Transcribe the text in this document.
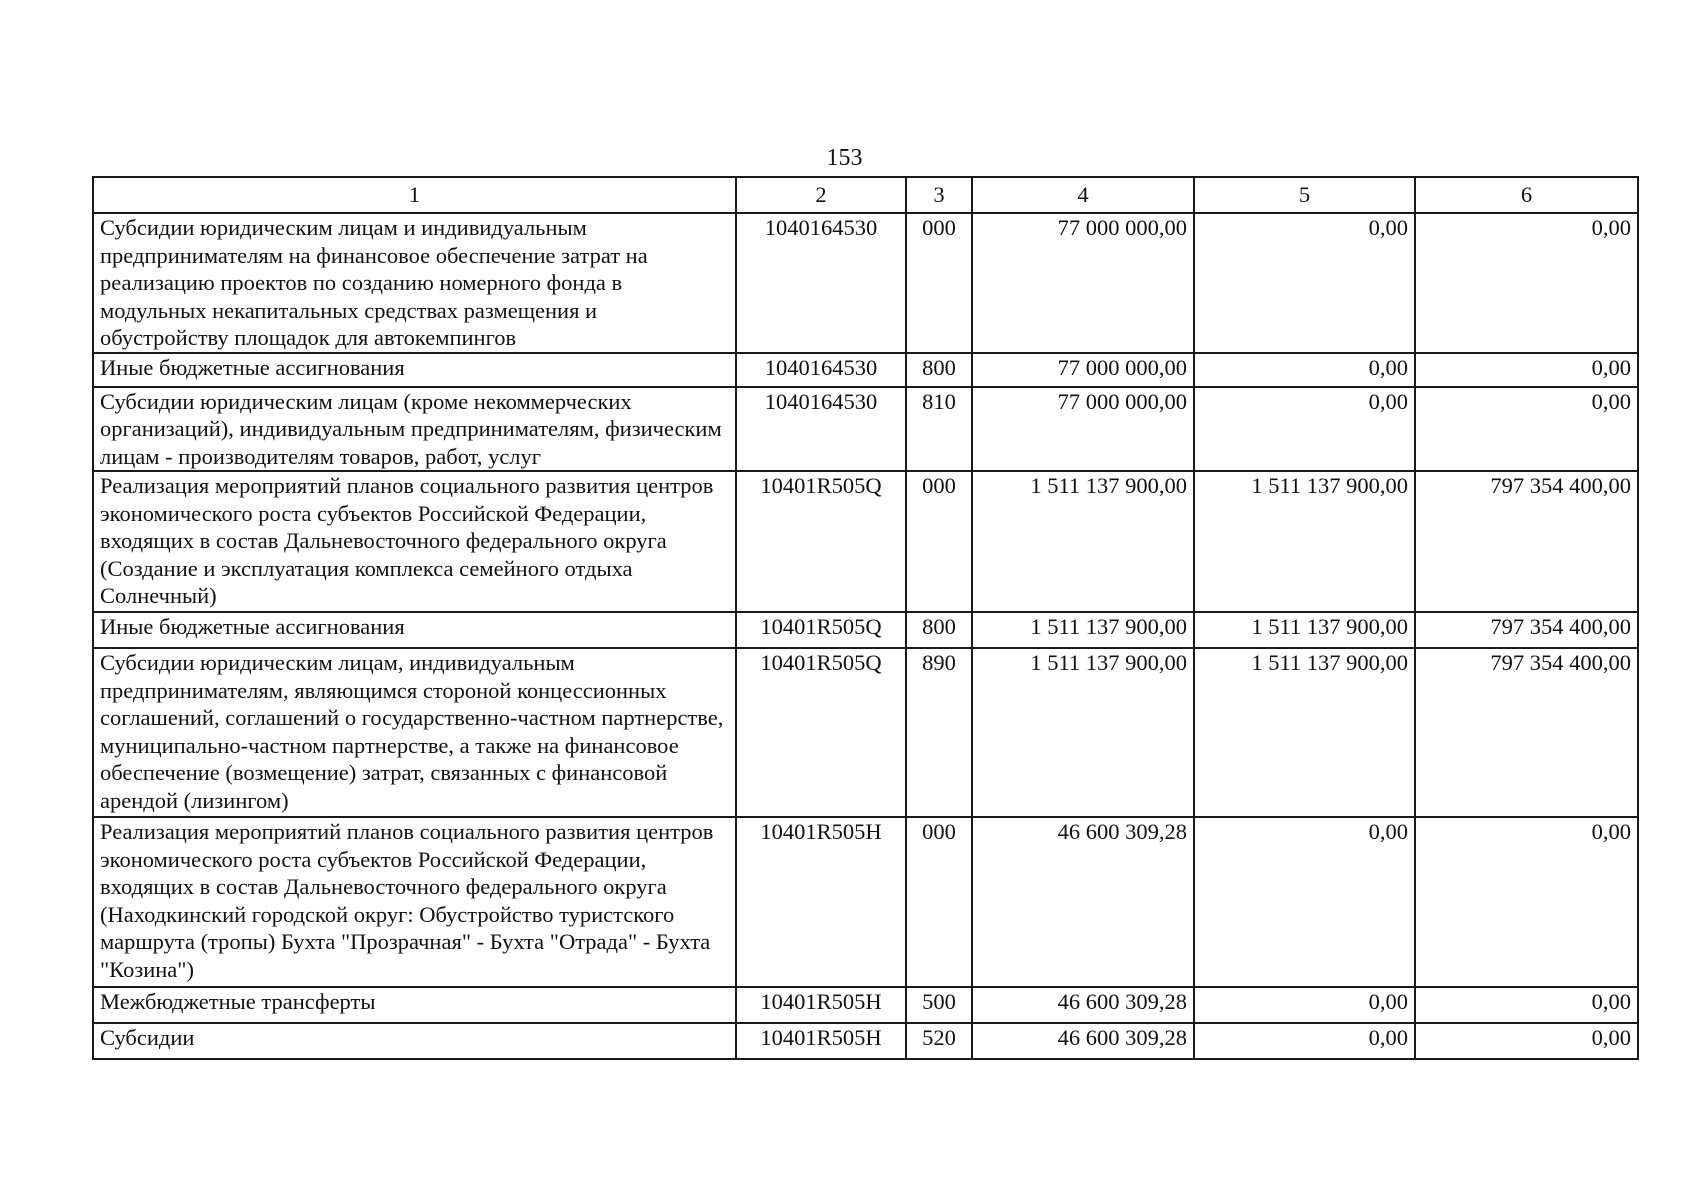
153
1	2	3	4	5	6
Субсидии юридическим лицам и индивидуальным предпринимателям на финансовое обеспечение затрат на реализацию проектов по созданию номерного фонда в модульных некапитальных средствах размещения и обустройству площадок для автокемпингов	1040164530	000	77 000 000,00	0,00	0,00
Иные бюджетные ассигнования	1040164530	800	77 000 000,00	0,00	0,00
Субсидии юридическим лицам (кроме некоммерческих организаций), индивидуальным предпринимателям, физическим лицам - производителям товаров, работ, услуг	1040164530	810	77 000 000,00	0,00	0,00
Реализация мероприятий планов социального развития центров экономического роста субъектов Российской Федерации, входящих в состав Дальневосточного федерального округа (Создание и эксплуатация комплекса семейного отдыха Солнечный)	10401R505Q	000	1 511 137 900,00	1 511 137 900,00	797 354 400,00
Иные бюджетные ассигнования	10401R505Q	800	1 511 137 900,00	1 511 137 900,00	797 354 400,00
Субсидии юридическим лицам, индивидуальным предпринимателям, являющимся стороной концессионных соглашений, соглашений о государственно-частном партнерстве, муниципально-частном партнерстве, а также на финансовое обеспечение (возмещение) затрат, связанных с финансовой арендой (лизингом)	10401R505Q	890	1 511 137 900,00	1 511 137 900,00	797 354 400,00
Реализация мероприятий планов социального развития центров экономического роста субъектов Российской Федерации, входящих в состав Дальневосточного федерального округа (Находкинский городской округ: Обустройство туристского маршрута (тропы) Бухта "Прозрачная" - Бухта "Отрада" - Бухта "Козина")	10401R505H	000	46 600 309,28	0,00	0,00
Межбюджетные трансферты	10401R505H	500	46 600 309,28	0,00	0,00
Субсидии	10401R505H	520	46 600 309,28	0,00	0,00
